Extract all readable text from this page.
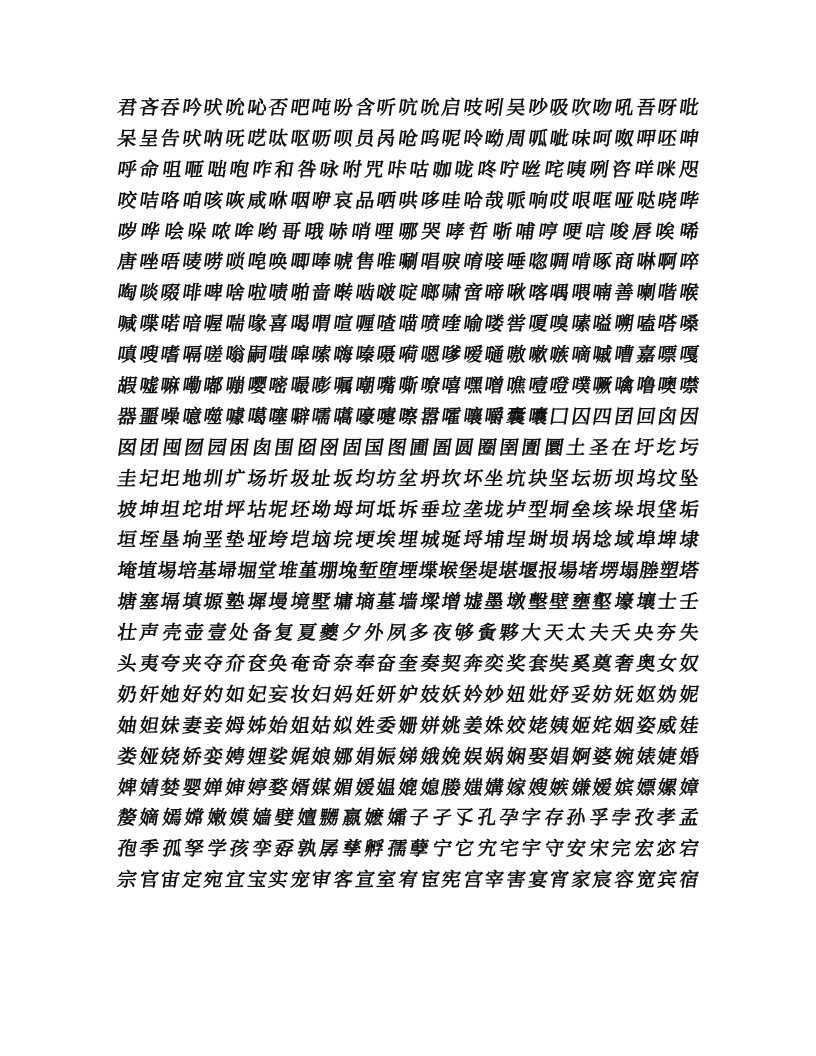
君 吝 吞 吟 吠 吮 吣 否 吧 吨 吩 含 听 吭 吮 启 吱 吲 吴 吵 吸 吹 吻 吼 吾 呀 吡
呆 呈 告 吠 呐 呒 呓 呔 呕 呖 呗 员 呙 呛 呜 呢 呤 呦 周 呱 呲 味 呵 呶 呷 呸 呻
呼 命 咀 咂 咄 咆 咋 和 咎 咏 咐 咒 咔 咕 咖 咙 咚 咛 咝 咤 咦 咧 咨 咩 咪 咫
咬 咭 咯 咱 咳 咴 咸 咻 咽 咿 哀 品 哂 哄 哆 哇 哈 哉 哌 响 哎 哏 哐 哑 哒 哓 哔
哕 哗 哙 哚 哝 哞 哟 哥 哦 哧 哨 哩 哪 哭 哮 哲 哳 哺 哼 哽 唁 唆 唇 唉 唏
唐 唑 唔 唛 唠 唢 唣 唤 唧 唪 唬 售 唯 唰 唱 唳 唷 唼 唾 唿 啁 啃 啄 商 啉 啊 啐
啕 啖 啜 啡 啤 啥 啦 啧 啪 啬 啭 啮 啵 啶 啷 啸 啻 啼 啾 喀 喁 喂 喃 善 喇 喈 喉
喊 喋 喏 喑 喔 喘 喙 喜 喝 喟 喧 喱 喳 喵 喷 喹 喻 喽 喾 嗄 嗅 嗉 嗌 嗍 嗑 嗒 嗓
嗔 嗖 嗜 嗝 嗟 嗡 嗣 嗤 嗥 嗦 嗨 嗪 嗫 嗬 嗯 嗲 嗳 嗵 嗷 嗽 嗾 嘀 嘁 嘈 嘉 嘌 嘎
嘏 嘘 嘛 嘞 嘟 嘣 嘤 嘧 嘬 嘭 嘱 嘲 嘴 嘶 嘹 嘻 嘿 噌 噍 噎 噔 噗 噘 噙 噜 噢 噤
器 噩 噪 噫 噬 噱 噶 噻 噼 嚅 嚆 嚎 嚏 嚓 嚣 嚯 嚷 嚼 囊 囔 囗 囚 四 囝 回 囟 因
囡 团 囤 囫 园 困 囱 围 囵 囹 固 国 图 圃 圄 圆 圈 圉 圊 圜 土 圣 在 圩 圪 圬
圭 圮 圯 地 圳 圹 场 圻 圾 址 坂 均 坊 坌 坍 坎 坏 坐 坑 块 坚 坛 坜 坝 坞 坟 坠
坡 坤 坦 坨 坩 坪 坫 坭 坯 坳 坶 坷 坻 坼 垂 垃 垄 垅 垆 型 垌 垒 垓 垛 垠 垡 垢
垣 垤 垦 垧 垩 垫 垭 垮 垲 垴 垸 埂 埃 埋 城 埏 埒 埔 埕 埘 埙 埚 埝 域 埠 埤 埭
埯
埴
埸
培
基
埽
堀
堂
堆
堇
堋
堍
堑
堕
堙
堞
堠
堡
堤
堪
堰
报
場
堵
塄
塌
塍
塑
塔
塘 塞 塥 填 塬 塾 墀 墁 境 墅 墉 墒 墓 墙 墚 增 墟 墨 墩 墼 壁 壅 壑 壕 壤 士 壬
壮 声 壳 壶 壹 处 备 复 夏 夔 夕 外 夙 多 夜 够 夤 夥 大 天 太 夫 夭 央 夯 失
头 夷 夸 夹 夺 夼 奁 奂 奄 奇 奈 奉 奋 奎 奏 契 奔 奕 奖 套 奘 奚 奠 奢 奥 女 奴
奶 奸 她 好 妁 如 妃 妄 妆 妇 妈 妊 妍 妒 妓 妖 妗 妙 妞 妣 妤 妥 妨 妩 妪 妫 妮
妯 妲 妹 妻 妾 姆 姊 始 姐 姑 姒 姓 委 姗 姘 姚 姜 姝 姣 姥 姨 姬 姹 姻 姿 威 娃
娄 娅 娆 娇 娈 娉 娌 娑 娓 娘 娜 娟 娠 娣 娥 娩 娱 娲 娴 娶 娼 婀 婆 婉 婊 婕 婚
婢 婧 婪 婴 婵 婶 婷 婺 婿 媒 媚 媛 媪 媲 媳 媵 媸 媾 嫁 嫂 嫉 嫌 嫒 嫔 嫖 嫘 嫜
嫠 嫡 嫣 嫦 嫩 嫫 嫱 嬖 嬗 嬲 嬴 嬷 孀 子 孑 孓 孔 孕 字 存 孙 孚 孛 孜 孝 孟
孢 季 孤 孥 学 孩 孪 孬 孰 孱 孳 孵 孺 孽 宁 它 宄 宅 宇 守 安 宋 完 宏 宓 宕
宗 官 宙 定 宛 宜 宝 实 宠 审 客 宣 室 宥 宦 宪 宫 宰 害 宴 宵 家 宸 容 宽 宾 宿
